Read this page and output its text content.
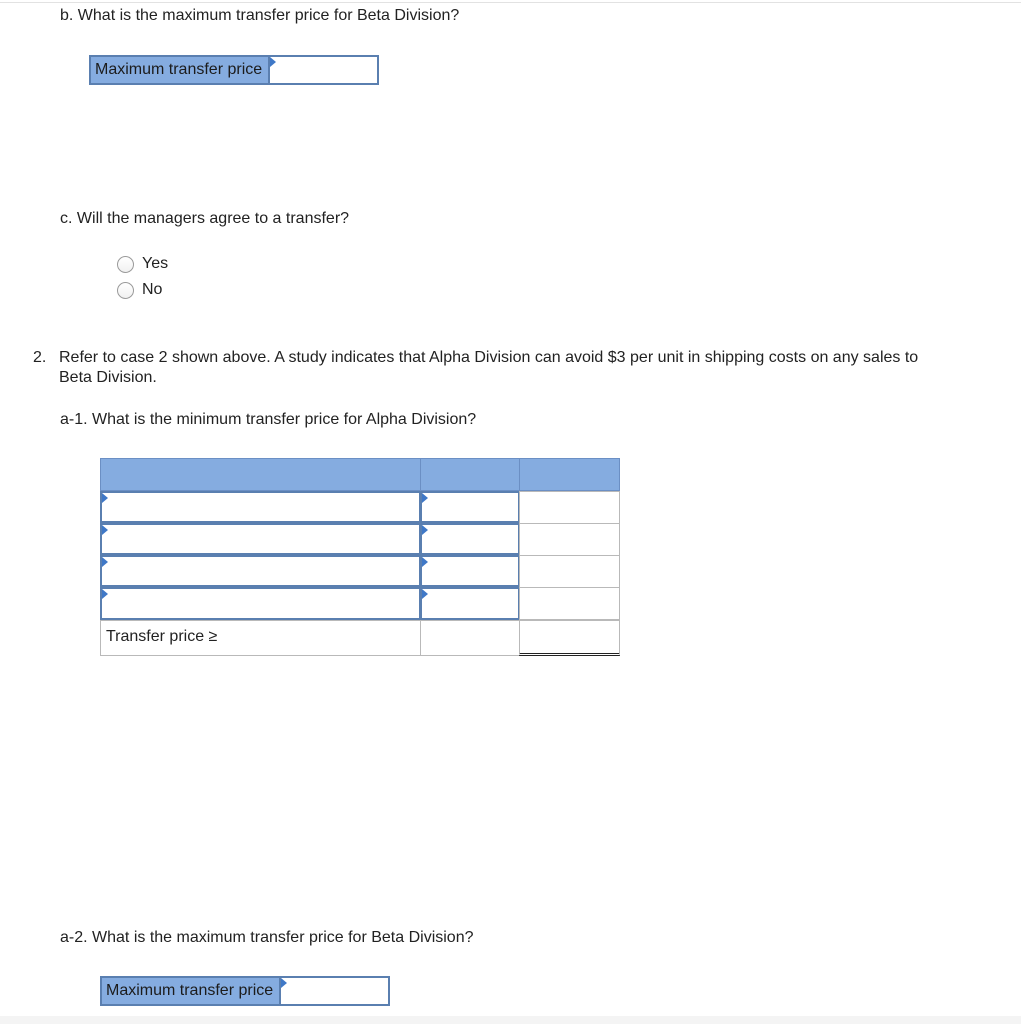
b. What is the maximum transfer price for Beta Division?
Maximum transfer price
c. Will the managers agree to a transfer?
Yes
No
2. Refer to case 2 shown above. A study indicates that Alpha Division can avoid $3 per unit in shipping costs on any sales to Beta Division.
a-1. What is the minimum transfer price for Alpha Division?
Transfer price ≥
a-2. What is the maximum transfer price for Beta Division?
Maximum transfer price
